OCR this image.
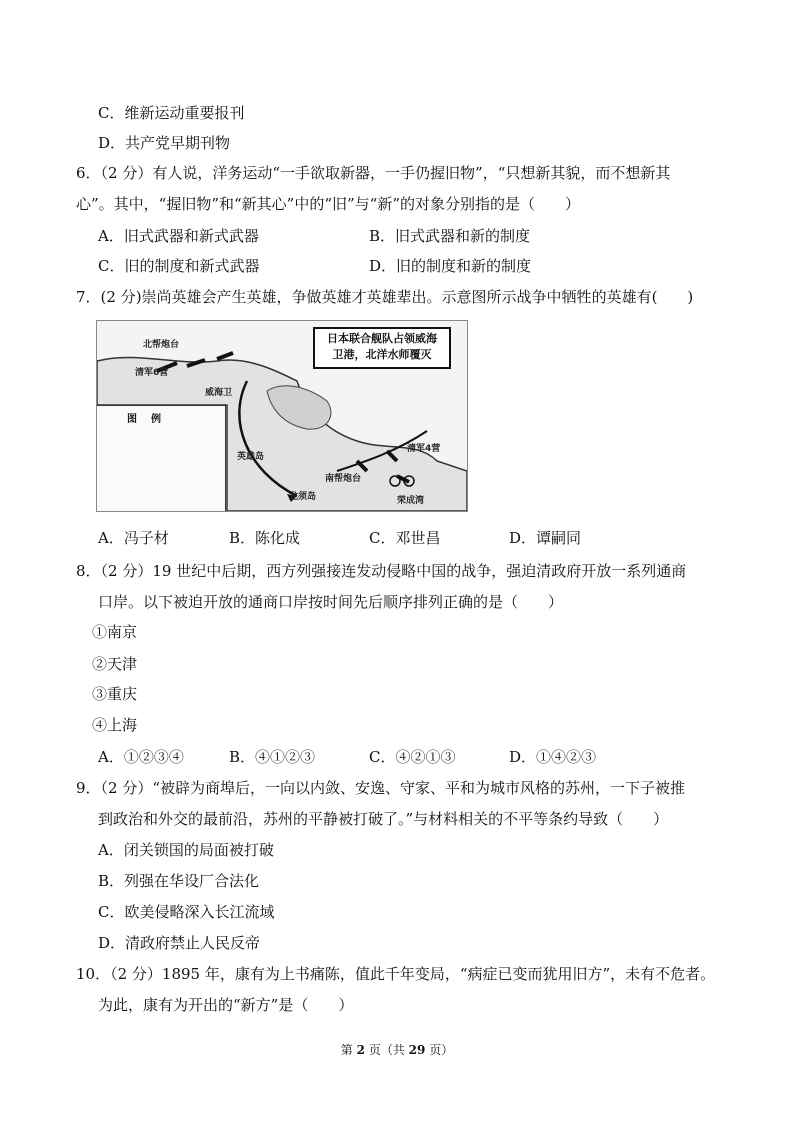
C．维新运动重要报刊
D．共产党早期刊物
6．（2 分）有人说，洋务运动“一手欲取新器，一手仍握旧物”，“只想新其貌，而不想新其
心”。其中，“握旧物”和“新其心”中的“旧”与“新”的对象分别指的是（　　）
A．旧式武器和新式武器	B．旧式武器和新的制度
C．旧的制度和新式武器	D．旧的制度和新的制度
7．(2 分)崇尚英雄会产生英雄，争做英雄才英雄辈出。示意图所示战争中牺牲的英雄有(　　)
日本联合舰队占领威海
卫港，北洋水师覆灭
北帮炮台
清军6营
威海卫
南帮炮台
英雄岛
荣成湾
龙须岛
清军4营
图例
A．冯子材	B．陈化成	C．邓世昌	D．谭嗣同
8．（2 分）19 世纪中后期，西方列强接连发动侵略中国的战争，强迫清政府开放一系列通商
口岸。以下被迫开放的通商口岸按时间先后顺序排列正确的是（　　）
①南京
②天津
③重庆
④上海
A．①②③④	B．④①②③	C．④②①③	D．①④②③
9．（2 分）“被辟为商埠后，一向以内敛、安逸、守家、平和为城市风格的苏州，一下子被推
到政治和外交的最前沿，苏州的平静被打破了。”与材料相关的不平等条约导致（　　）
A．闭关锁国的局面被打破
B．列强在华设厂合法化
C．欧美侵略深入长江流域
D．清政府禁止人民反帝
10．（2 分）1895 年，康有为上书痛陈，值此千年变局，“病症已变而犹用旧方”，未有不危者。
为此，康有为开出的“新方”是（　　）
第 2 页（共 29 页）
